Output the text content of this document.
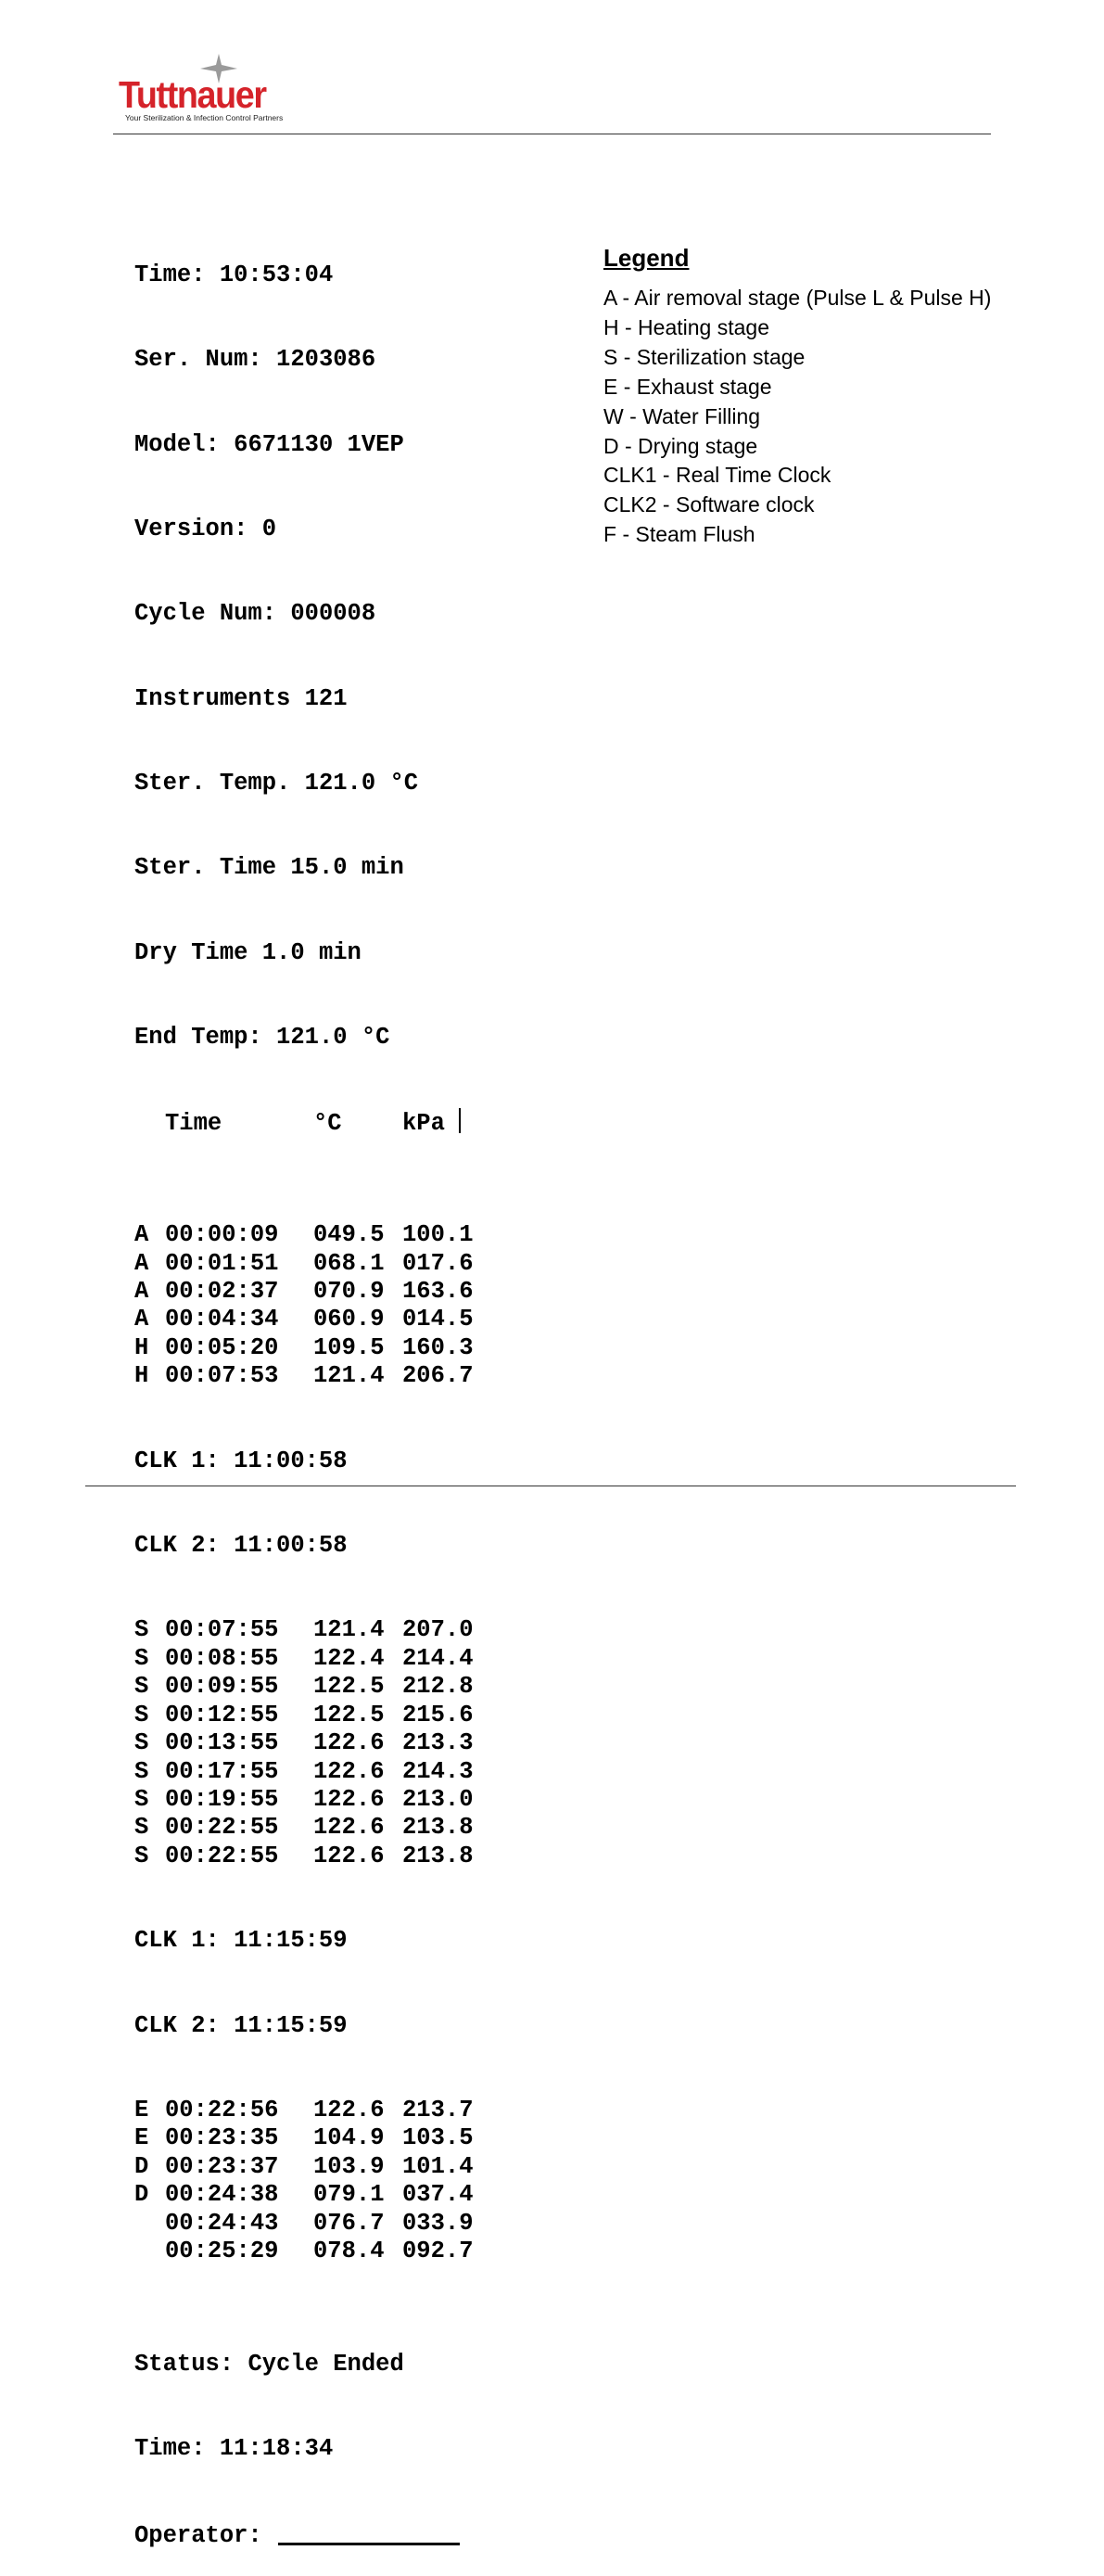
Tuttnauer
Your Sterilization & Infection Control Partners

Time: 10:53:04

Ser. Num: 1203086

Model: 6671130 1VEP

Version: 0

Cycle Num: 000008

Instruments 121

Ster. Temp. 121.0 °C

Ster. Time 15.0 min

Dry Time 1.0 min

End Temp: 121.0 °C

Time	°C	kPa

A 00:00:09 049.5 100.1
A 00:01:51 068.1 017.6
A 00:02:37 070.9 163.6
A 00:04:34 060.9 014.5
H 00:05:20 109.5 160.3
H 00:07:53 121.4 206.7

CLK 1: 11:00:58

CLK 2: 11:00:58

S 00:07:55 121.4 207.0
S 00:08:55 122.4 214.4
S 00:09:55 122.5 212.8
S 00:12:55 122.5 215.6
S 00:13:55 122.6 213.3
S 00:17:55 122.6 214.3
S 00:19:55 122.6 213.0
S 00:22:55 122.6 213.8
S 00:22:55 122.6 213.8

CLK 1: 11:15:59

CLK 2: 11:15:59

E 00:22:56 122.6 213.7
E 00:23:35 104.9 103.5
D 00:23:37 103.9 101.4
D 00:24:38 079.1 037.4
00:24:43 076.7 033.9
00:25:29 078.4 092.7

Status: Cycle Ended

Time: 11:18:34

Operator:

Legend
A - Air removal stage (Pulse L & Pulse H)
H - Heating stage
S - Sterilization stage
E - Exhaust stage
W - Water Filling
D - Drying stage
CLK1 - Real Time Clock
CLK2 - Software clock
F - Steam Flush
